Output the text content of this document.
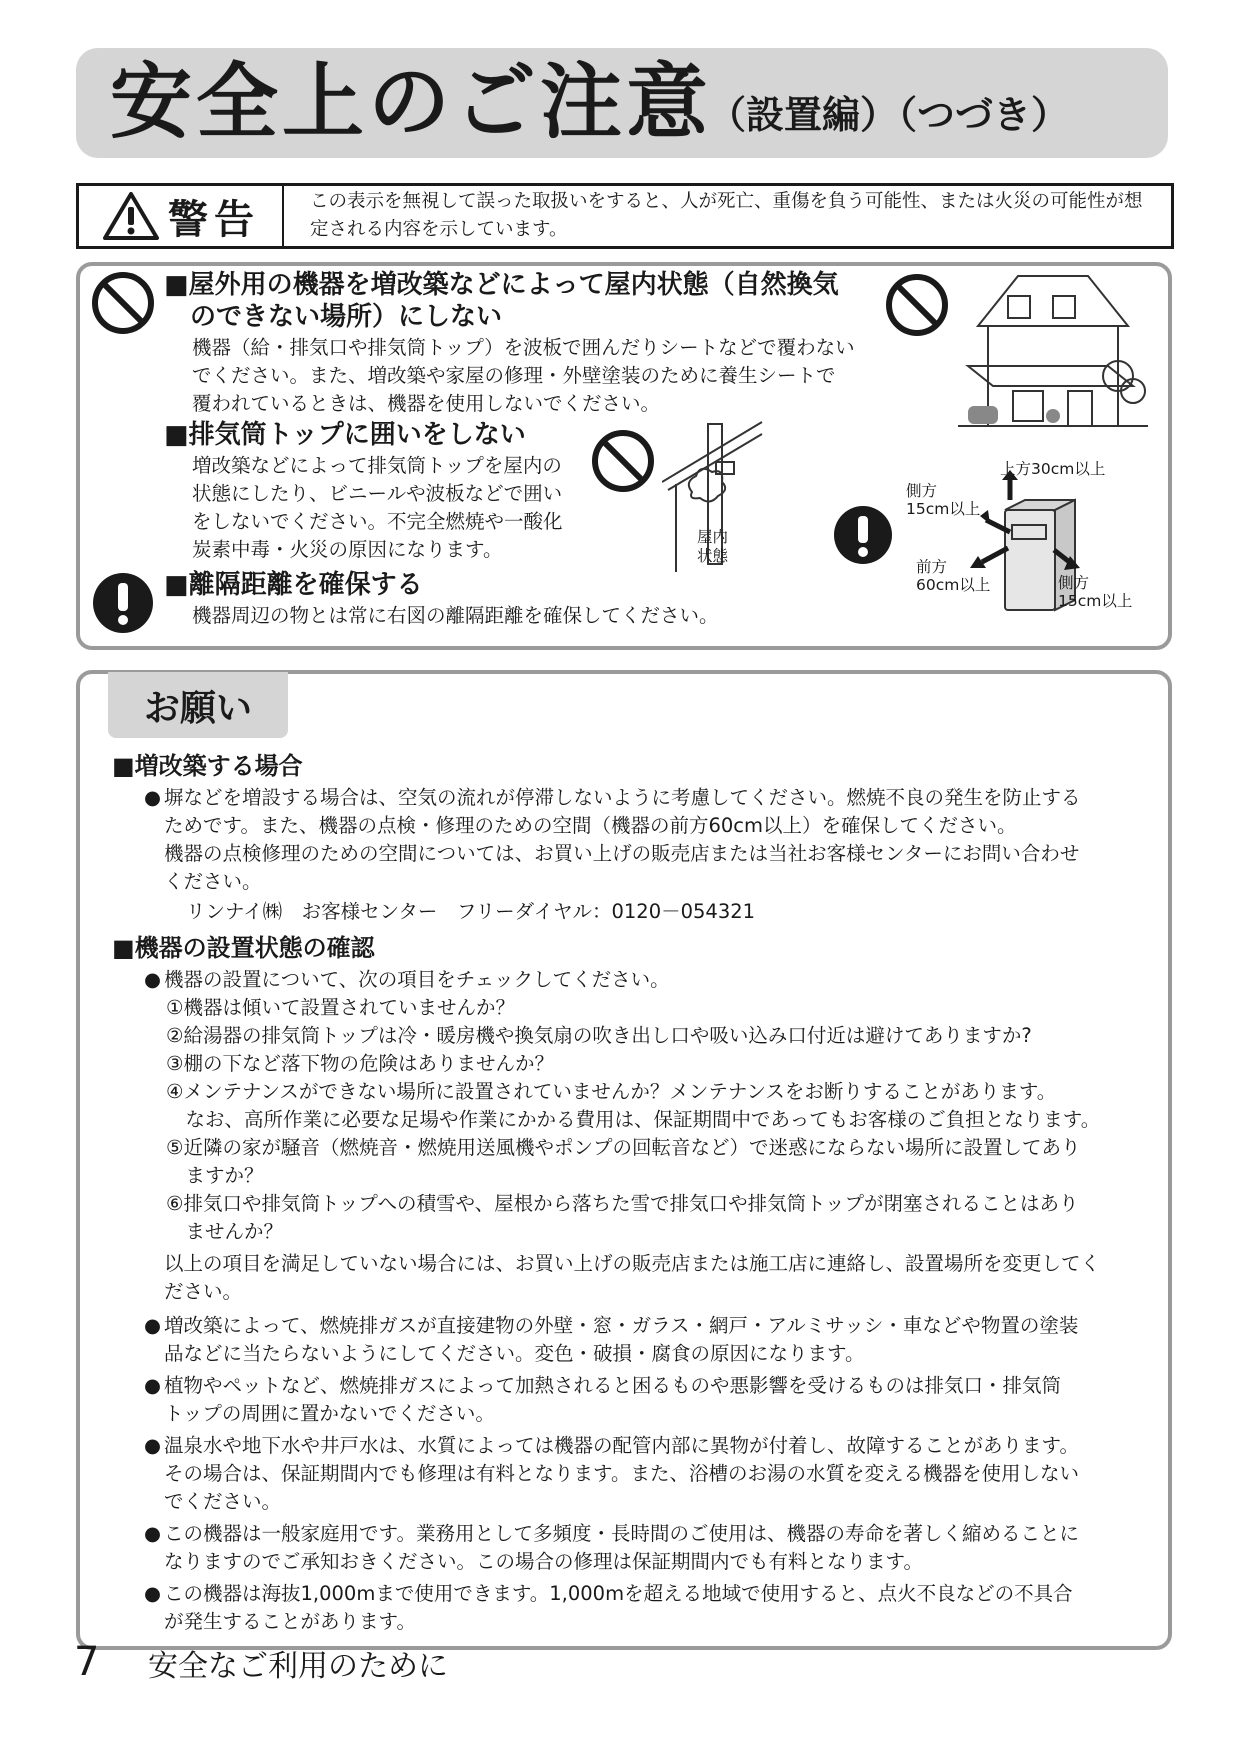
安全上のご注意
（設置編）（つづき）
警告	この表示を無視して誤った取扱いをすると、人が死亡、重傷を負う可能性、または火災の可能性が想定される内容を示しています。
■屋外用の機器を増改築などによって屋内状態（自然換気
のできない場所）にしない
機器（給・排気口や排気筒トップ）を波板で囲んだりシートなどで覆わない
でください。また、増改築や家屋の修理・外壁塗装のために養生シートで
覆われているときは、機器を使用しないでください。
■排気筒トップに囲いをしない
増改築などによって排気筒トップを屋内の
状態にしたり、ビニールや波板などで囲い
をしないでください。不完全燃焼や一酸化
炭素中毒・火災の原因になります。
屋内
状態
■離隔距離を確保する
機器周辺の物とは常に右図の離隔距離を確保してください。
上方30cm以上
側方
15cm以上
前方
60cm以上	側方
15cm以上
お願い
■増改築する場合
● 塀などを増設する場合は、空気の流れが停滞しないように考慮してください。燃焼不良の発生を防止する
ためです。また、機器の点検・修理のための空間（機器の前方60cm以上）を確保してください。
機器の点検修理のための空間については、お買い上げの販売店または当社お客様センターにお問い合わせ
ください。
リンナイ㈱　お客様センター　フリーダイヤル：0120－054321
■機器の設置状態の確認
● 機器の設置について、次の項目をチェックしてください。
①機器は傾いて設置されていませんか？
②給湯器の排気筒トップは冷・暖房機や換気扇の吹き出し口や吸い込み口付近は避けてありますか?
③棚の下など落下物の危険はありませんか？
④メンテナンスができない場所に設置されていませんか？メンテナンスをお断りすることがあります。
　なお、高所作業に必要な足場や作業にかかる費用は、保証期間中であってもお客様のご負担となります。
⑤近隣の家が騒音（燃焼音・燃焼用送風機やポンプの回転音など）で迷惑にならない場所に設置してあり
　ますか？
⑥排気口や排気筒トップへの積雪や、屋根から落ちた雪で排気口や排気筒トップが閉塞されることはあり
　ませんか？
以上の項目を満足していない場合には、お買い上げの販売店または施工店に連絡し、設置場所を変更してく
ださい。
● 増改築によって、燃焼排ガスが直接建物の外壁・窓・ガラス・網戸・アルミサッシ・車などや物置の塗装
品などに当たらないようにしてください。変色・破損・腐食の原因になります。
● 植物やペットなど、燃焼排ガスによって加熱されると困るものや悪影響を受けるものは排気口・排気筒
トップの周囲に置かないでください。
● 温泉水や地下水や井戸水は、水質によっては機器の配管内部に異物が付着し、故障することがあります。
その場合は、保証期間内でも修理は有料となります。また、浴槽のお湯の水質を変える機器を使用しない
でください。
● この機器は一般家庭用です。業務用として多頻度・長時間のご使用は、機器の寿命を著しく縮めることに
なりますのでご承知おきください。この場合の修理は保証期間内でも有料となります。
● この機器は海抜1,000mまで使用できます。1,000mを超える地域で使用すると、点火不良などの不具合
が発生することがあります。
7 安全なご利用のために
